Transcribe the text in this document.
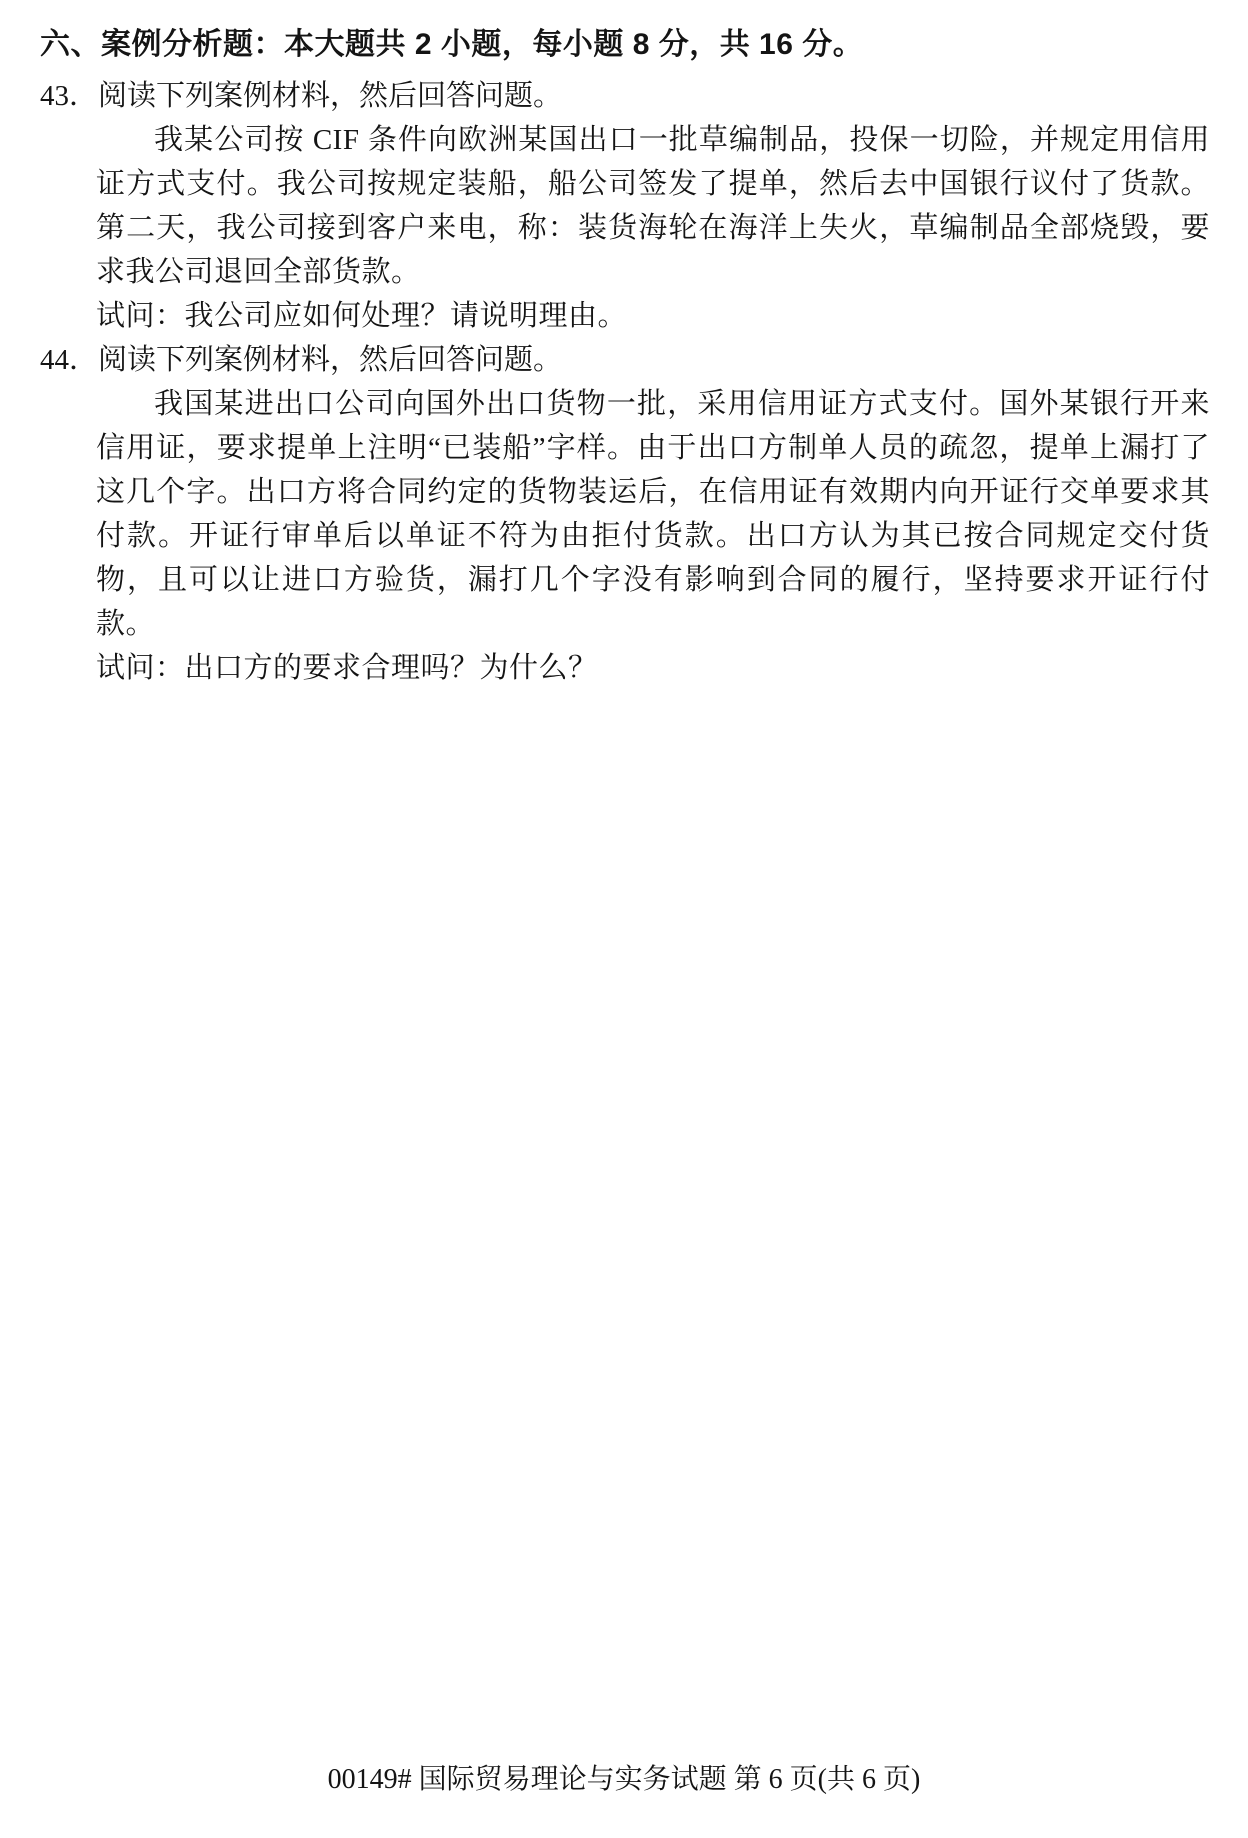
六、案例分析题：本大题共 2 小题，每小题 8 分，共 16 分。
43． 阅读下列案例材料，然后回答问题。

我某公司按 CIF 条件向欧洲某国出口一批草编制品，投保一切险，并规定用信用证方式支付。我公司按规定装船，船公司签发了提单，然后去中国银行议付了货款。第二天，我公司接到客户来电，称：装货海轮在海洋上失火，草编制品全部烧毁，要求我公司退回全部货款。

试问：我公司应如何处理？请说明理由。
44． 阅读下列案例材料，然后回答问题。

我国某进出口公司向国外出口货物一批，采用信用证方式支付。国外某银行开来信用证，要求提单上注明“已装船”字样。由于出口方制单人员的疏忽，提单上漏打了这几个字。出口方将合同约定的货物装运后，在信用证有效期内向开证行交单要求其付款。开证行审单后以单证不符为由拒付货款。出口方认为其已按合同规定交付货物，且可以让进口方验货，漏打几个字没有影响到合同的履行，坚持要求开证行付款。

试问：出口方的要求合理吗？为什么？
00149# 国际贸易理论与实务试题 第 6 页(共 6 页)
